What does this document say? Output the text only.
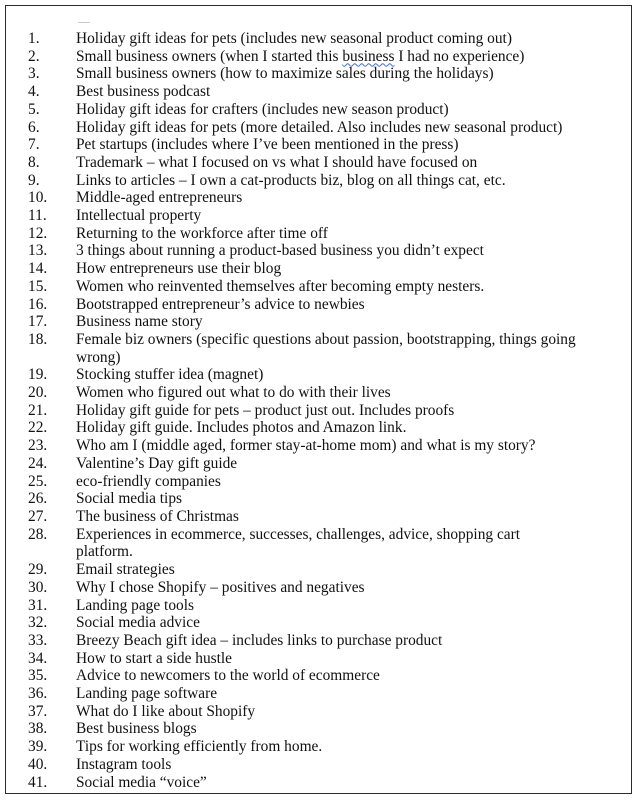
1.	Holiday gift ideas for pets (includes new seasonal product coming out)
2.	Small business owners (when I started this business I had no experience)
3.	Small business owners (how to maximize sales during the holidays)
4.	Best business podcast
5.	Holiday gift ideas for crafters (includes new season product)
6.	Holiday gift ideas for pets (more detailed. Also includes new seasonal product)
7.	Pet startups (includes where I’ve been mentioned in the press)
8.	Trademark – what I focused on vs what I should have focused on
9.	Links to articles – I own a cat-products biz, blog on all things cat, etc.
10.	Middle-aged entrepreneurs
11.	Intellectual property
12.	Returning to the workforce after time off
13.	3 things about running a product-based business you didn’t expect
14.	How entrepreneurs use their blog
15.	Women who reinvented themselves after becoming empty nesters.
16.	Bootstrapped entrepreneur’s advice to newbies
17.	Business name story
18.	Female biz owners (specific questions about passion, bootstrapping, things going wrong)
19.	Stocking stuffer idea (magnet)
20.	Women who figured out what to do with their lives
21.	Holiday gift guide for pets – product just out. Includes proofs
22.	Holiday gift guide. Includes photos and Amazon link.
23.	Who am I (middle aged, former stay-at-home mom) and what is my story?
24.	Valentine’s Day gift guide
25.	eco-friendly companies
26.	Social media tips
27.	The business of Christmas
28.	Experiences in ecommerce, successes, challenges, advice, shopping cart platform.
29.	Email strategies
30.	Why I chose Shopify – positives and negatives
31.	Landing page tools
32.	Social media advice
33.	Breezy Beach gift idea – includes links to purchase product
34.	How to start a side hustle
35.	Advice to newcomers to the world of ecommerce
36.	Landing page software
37.	What do I like about Shopify
38.	Best business blogs
39.	Tips for working efficiently from home.
40.	Instagram tools
41.	Social media “voice”
